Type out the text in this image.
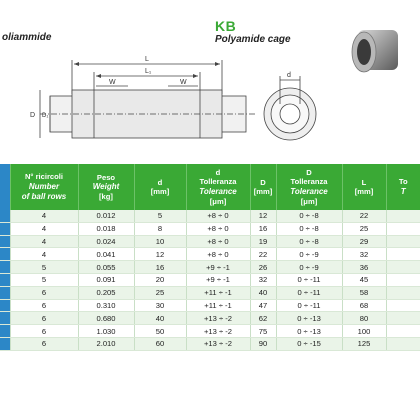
oliammide
KB
Polyamide cage
L
L₁
W	W
D D₁
d
	N° ricircoli
Number
of ball rows	Peso
Weight
[kg]	d
[mm]	d
Tolleranza
Tolerance
[μm]	D
[mm]	D
Tolleranza
Tolerance
[μm]	L
[mm]	To
T
	4	0.012	5	+8 ÷ 0	12	0 ÷ -8	22	
	4	0.018	8	+8 ÷ 0	16	0 ÷ -8	25	
	4	0.024	10	+8 ÷ 0	19	0 ÷ -8	29	
	4	0.041	12	+8 ÷ 0	22	0 ÷ -9	32	
	5	0.055	16	+9 ÷ -1	26	0 ÷ -9	36	
	5	0.091	20	+9 ÷ -1	32	0 ÷ -11	45	
	6	0.205	25	+11 ÷ -1	40	0 ÷ -11	58	
	6	0.310	30	+11 ÷ -1	47	0 ÷ -11	68	
	6	0.680	40	+13 ÷ -2	62	0 ÷ -13	80	
	6	1.030	50	+13 ÷ -2	75	0 ÷ -13	100	
	6	2.010	60	+13 ÷ -2	90	0 ÷ -15	125	
